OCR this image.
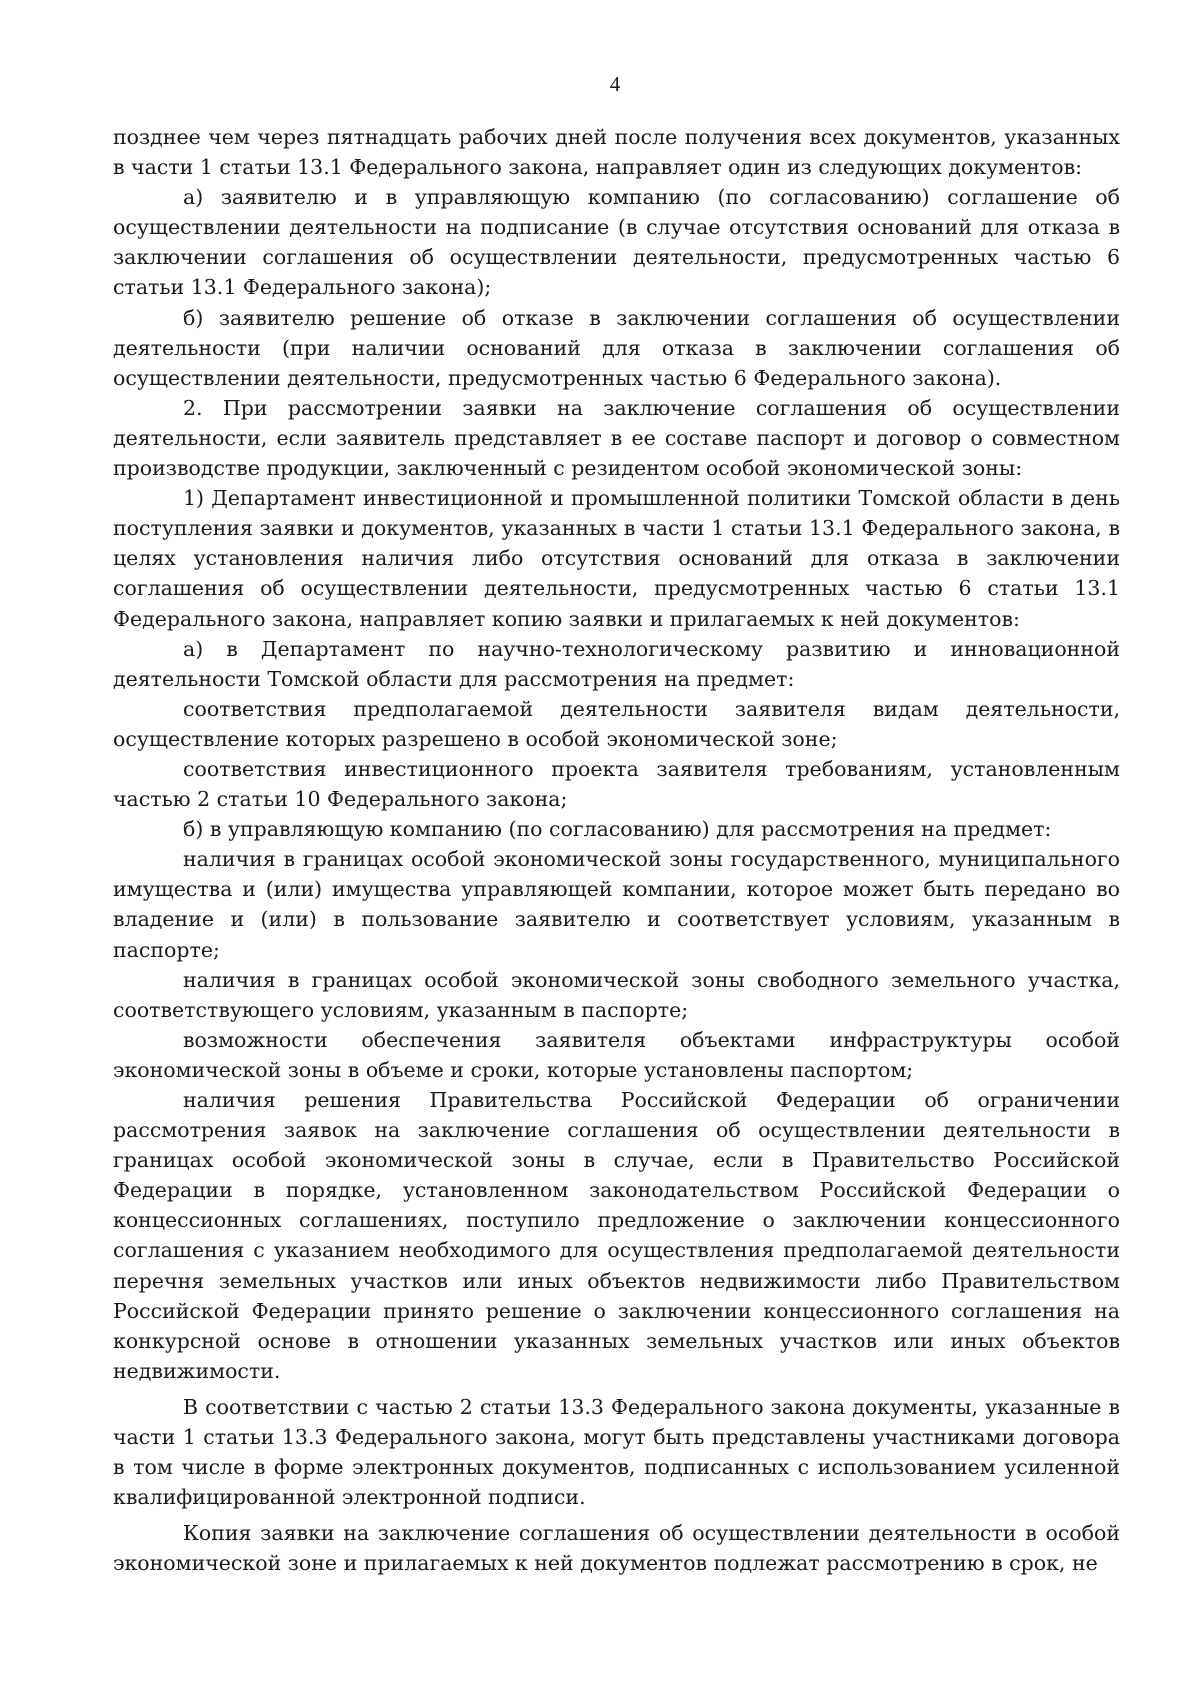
4

позднее чем через пятнадцать рабочих дней после получения всех документов, указанных в части 1 статьи 13.1 Федерального закона, направляет один из следующих документов:

а) заявителю и в управляющую компанию (по согласованию) соглашение об осуществлении деятельности на подписание (в случае отсутствия оснований для отказа в заключении соглашения об осуществлении деятельности, предусмотренных частью 6 статьи 13.1 Федерального закона);

б) заявителю решение об отказе в заключении соглашения об осуществлении деятельности (при наличии оснований для отказа в заключении соглашения об осуществлении деятельности, предусмотренных частью 6 Федерального закона).

2. При рассмотрении заявки на заключение соглашения об осуществлении деятельности, если заявитель представляет в ее составе паспорт и договор о совместном производстве продукции, заключенный с резидентом особой экономической зоны:

1) Департамент инвестиционной и промышленной политики Томской области в день поступления заявки и документов, указанных в части 1 статьи 13.1 Федерального закона, в целях установления наличия либо отсутствия оснований для отказа в заключении соглашения об осуществлении деятельности, предусмотренных частью 6 статьи 13.1 Федерального закона, направляет копию заявки и прилагаемых к ней документов:

а) в Департамент по научно-технологическому развитию и инновационной деятельности Томской области для рассмотрения на предмет:

соответствия предполагаемой деятельности заявителя видам деятельности, осуществление которых разрешено в особой экономической зоне;

соответствия инвестиционного проекта заявителя требованиям, установленным частью 2 статьи 10 Федерального закона;

б) в управляющую компанию (по согласованию) для рассмотрения на предмет:

наличия в границах особой экономической зоны государственного, муниципального имущества и (или) имущества управляющей компании, которое может быть передано во владение и (или) в пользование заявителю и соответствует условиям, указанным в паспорте;

наличия в границах особой экономической зоны свободного земельного участка, соответствующего условиям, указанным в паспорте;

возможности обеспечения заявителя объектами инфраструктуры особой экономической зоны в объеме и сроки, которые установлены паспортом;

наличия решения Правительства Российской Федерации об ограничении рассмотрения заявок на заключение соглашения об осуществлении деятельности в границах особой экономической зоны в случае, если в Правительство Российской Федерации в порядке, установленном законодательством Российской Федерации о концессионных соглашениях, поступило предложение о заключении концессионного соглашения с указанием необходимого для осуществления предполагаемой деятельности перечня земельных участков или иных объектов недвижимости либо Правительством Российской Федерации принято решение о заключении концессионного соглашения на конкурсной основе в отношении указанных земельных участков или иных объектов недвижимости.

В соответствии с частью 2 статьи 13.3 Федерального закона документы, указанные в части 1 статьи 13.3 Федерального закона, могут быть представлены участниками договора в том числе в форме электронных документов, подписанных с использованием усиленной квалифицированной электронной подписи.

Копия заявки на заключение соглашения об осуществлении деятельности в особой экономической зоне и прилагаемых к ней документов подлежат рассмотрению в срок, не
